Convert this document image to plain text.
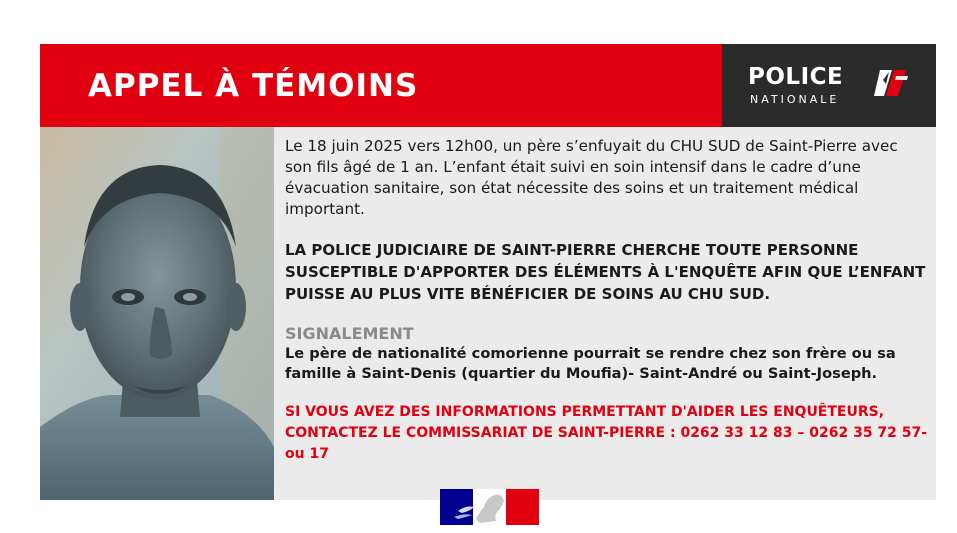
APPEL À TÉMOINS	POLICE
NATIONALE

Le 18 juin 2025 vers 12h00, un père s’enfuyait du CHU SUD de Saint-Pierre avec son fils âgé de 1 an. L’enfant était suivi en soin intensif dans le cadre d’une évacuation sanitaire, son état nécessite des soins et un traitement médical important.

LA POLICE JUDICIAIRE DE SAINT-PIERRE CHERCHE TOUTE PERSONNE SUSCEPTIBLE D'APPORTER DES ÉLÉMENTS À L'ENQUÊTE AFIN QUE L’ENFANT PUISSE AU PLUS VITE BÉNÉFICIER DE SOINS AU CHU SUD.

SIGNALEMENT

Le père de nationalité comorienne pourrait se rendre chez son frère ou sa famille à Saint-Denis (quartier du Moufia)- Saint-André ou Saint-Joseph.

SI VOUS AVEZ DES INFORMATIONS PERMETTANT D'AIDER LES ENQUÊTEURS, CONTACTEZ LE COMMISSARIAT DE SAINT-PIERRE : 0262 33 12 83 – 0262 35 72 57- ou 17
